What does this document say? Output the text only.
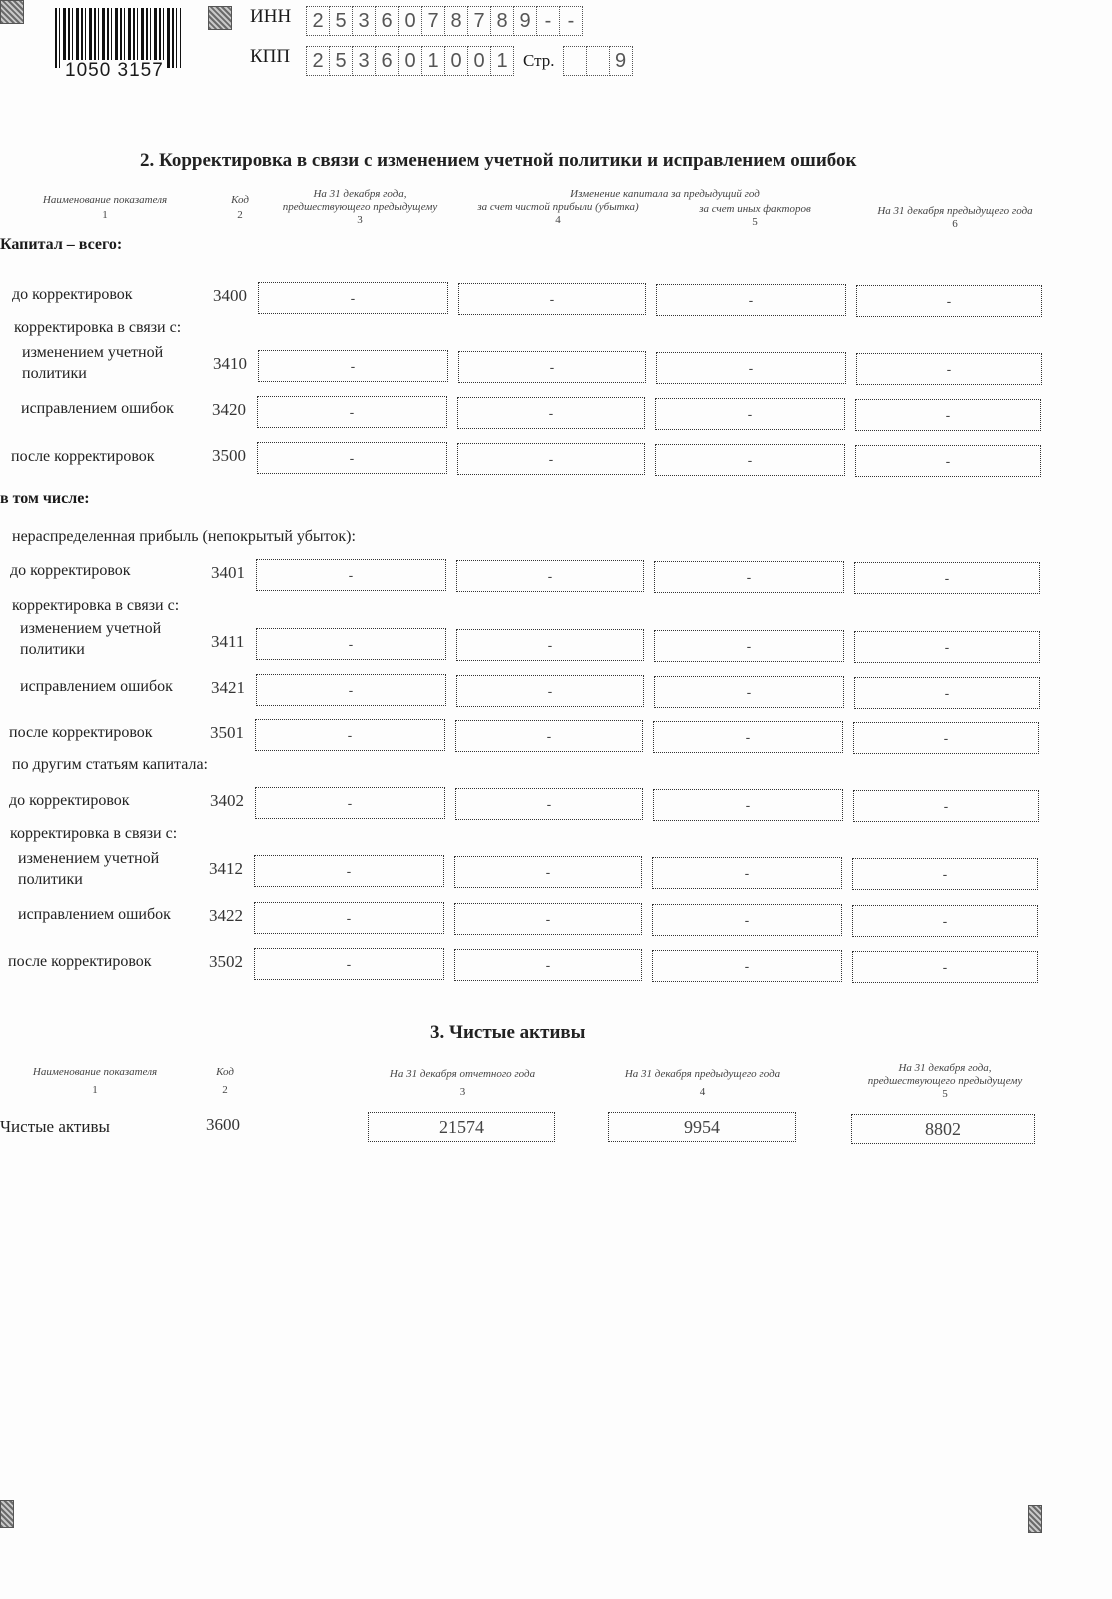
1050 3157
ИНН	2 5 3 6 0 7 8 7 8 9 - -
КПП	2 5 3 6 0 1 0 0 1 Стр.	9
2. Корректировка в связи с изменением учетной политики и исправлением ошибок
Наименование показателя
1
Код
2
На 31 декабря года,
предшествующего предыдущему
3
Изменение капитала за предыдущий год
за счет чистой прибыли (убытка)
4
за счет иных факторов
5
На 31 декабря предыдущего года
6
Капитал – всего:
корректировка в связи с:
в том числе:
нераспределенная прибыль (непокрытый убыток):
корректировка в связи с:
по другим статьям капитала:
корректировка в связи с:
до корректировок	3400	-	-	-	-
изменением учетной политики
3410	-	-	-	-
исправлением ошибок 3420	-	-	-	-
после корректировок	3500	-	-	-	-
до корректировок	3401	-	-	-	-
изменением учетной политики	3411	-	-	-	-
исправлением ошибок 3421	-	-	-	-
после корректировок	3501	-	-	-	-
до корректировок	3402	-	-	-	-
изменением учетной политики
3412	-	-	-	-
исправлением ошибок 3422	-	-	-	-
после корректировок	3502	-	-	-	-
3. Чистые активы
Наименование показателя
1
Код
2
На 31 декабря отчетного года
3
На 31 декабря предыдущего года
4
На 31 декабря года,
предшествующего предыдущему
5
Чистые активы	3600	21574	9954	8802
